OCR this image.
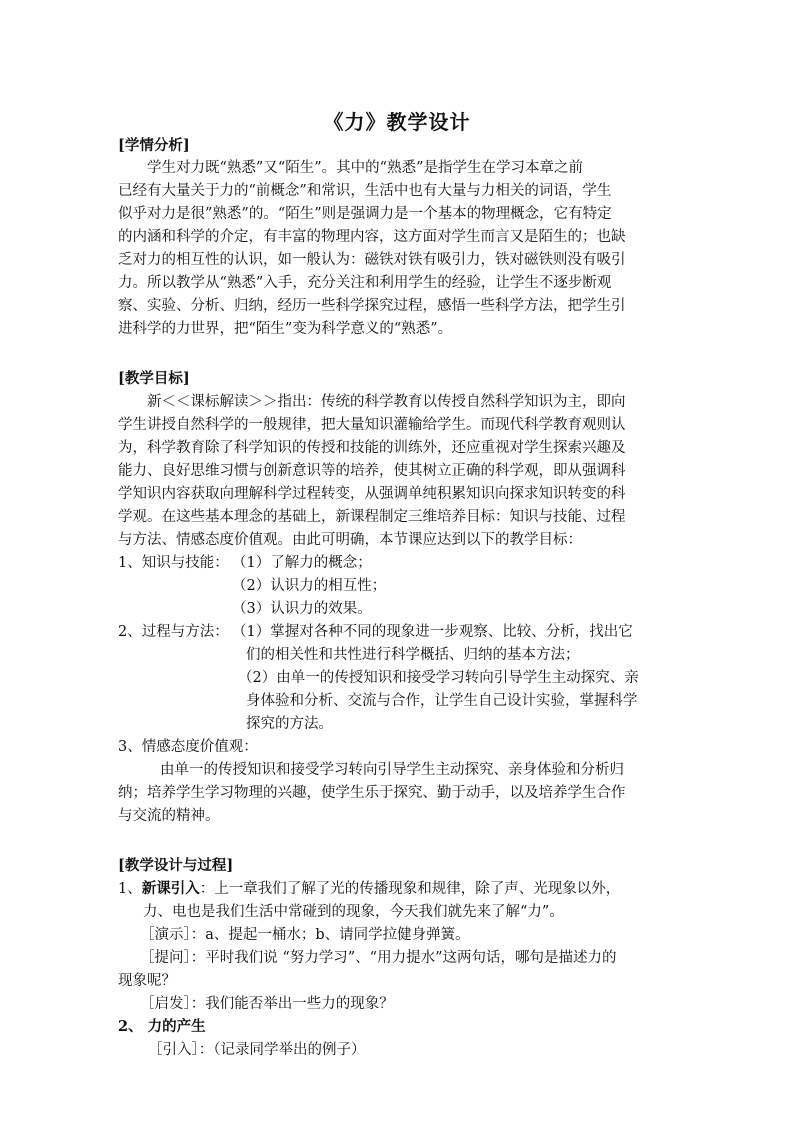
《力》教学设计
[学情分析]
学生对力既“熟悉”又“陌生”。其中的“熟悉”是指学生在学习本章之前
已经有大量关于力的“前概念”和常识，生活中也有大量与力相关的词语，学生
似乎对力是很”熟悉”的。“陌生”则是强调力是一个基本的物理概念，它有特定
的内涵和科学的介定，有丰富的物理内容，这方面对学生而言又是陌生的；也缺
乏对力的相互性的认识，如一般认为：磁铁对铁有吸引力，铁对磁铁则没有吸引
力。所以教学从“熟悉”入手，充分关注和利用学生的经验，让学生不逐步断观
察、实验、分析、归纳，经历一些科学探究过程，感悟一些科学方法，把学生引
进科学的力世界，把“陌生”变为科学意义的“熟悉”。
[教学目标]
新＜＜课标解读＞＞指出：传统的科学教育以传授自然科学知识为主，即向
学生讲授自然科学的一般规律，把大量知识灌输给学生。而现代科学教育观则认
为，科学教育除了科学知识的传授和技能的训练外，还应重视对学生探索兴趣及
能力、良好思维习惯与创新意识等的培养，使其树立正确的科学观，即从强调科
学知识内容获取向理解科学过程转变，从强调单纯积累知识向探求知识转变的科
学观。在这些基本理念的基础上，新课程制定三维培养目标：知识与技能、过程
与方法、情感态度价值观。由此可明确，本节课应达到以下的教学目标：
1、知识与技能： （1）了解力的概念；
（2）认识力的相互性；
（3）认识力的效果。
2、过程与方法： （1）掌握对各种不同的现象进一步观察、比较、分析，找出它
们的相关性和共性进行科学概括、归纳的基本方法；
（2）由单一的传授知识和接受学习转向引导学生主动探究、亲
身体验和分析、交流与合作，让学生自己设计实验，掌握科学
探究的方法。
3、情感态度价值观：
由单一的传授知识和接受学习转向引导学生主动探究、亲身体验和分析归
纳；培养学生学习物理的兴趣，使学生乐于探究、勤于动手，以及培养学生合作
与交流的精神。
[教学设计与过程]
1、新课引入：上一章我们了解了光的传播现象和规律，除了声、光现象以外，
力、电也是我们生活中常碰到的现象，今天我们就先来了解“力”。
［演示］：a、提起一桶水；b、请同学拉健身弹簧。
［提问］：平时我们说 “努力学习”、“用力提水”这两句话，哪句是描述力的
现象呢？
［启发］：我们能否举出一些力的现象？
2、 力的产生
［引入］：（记录同学举出的例子）
